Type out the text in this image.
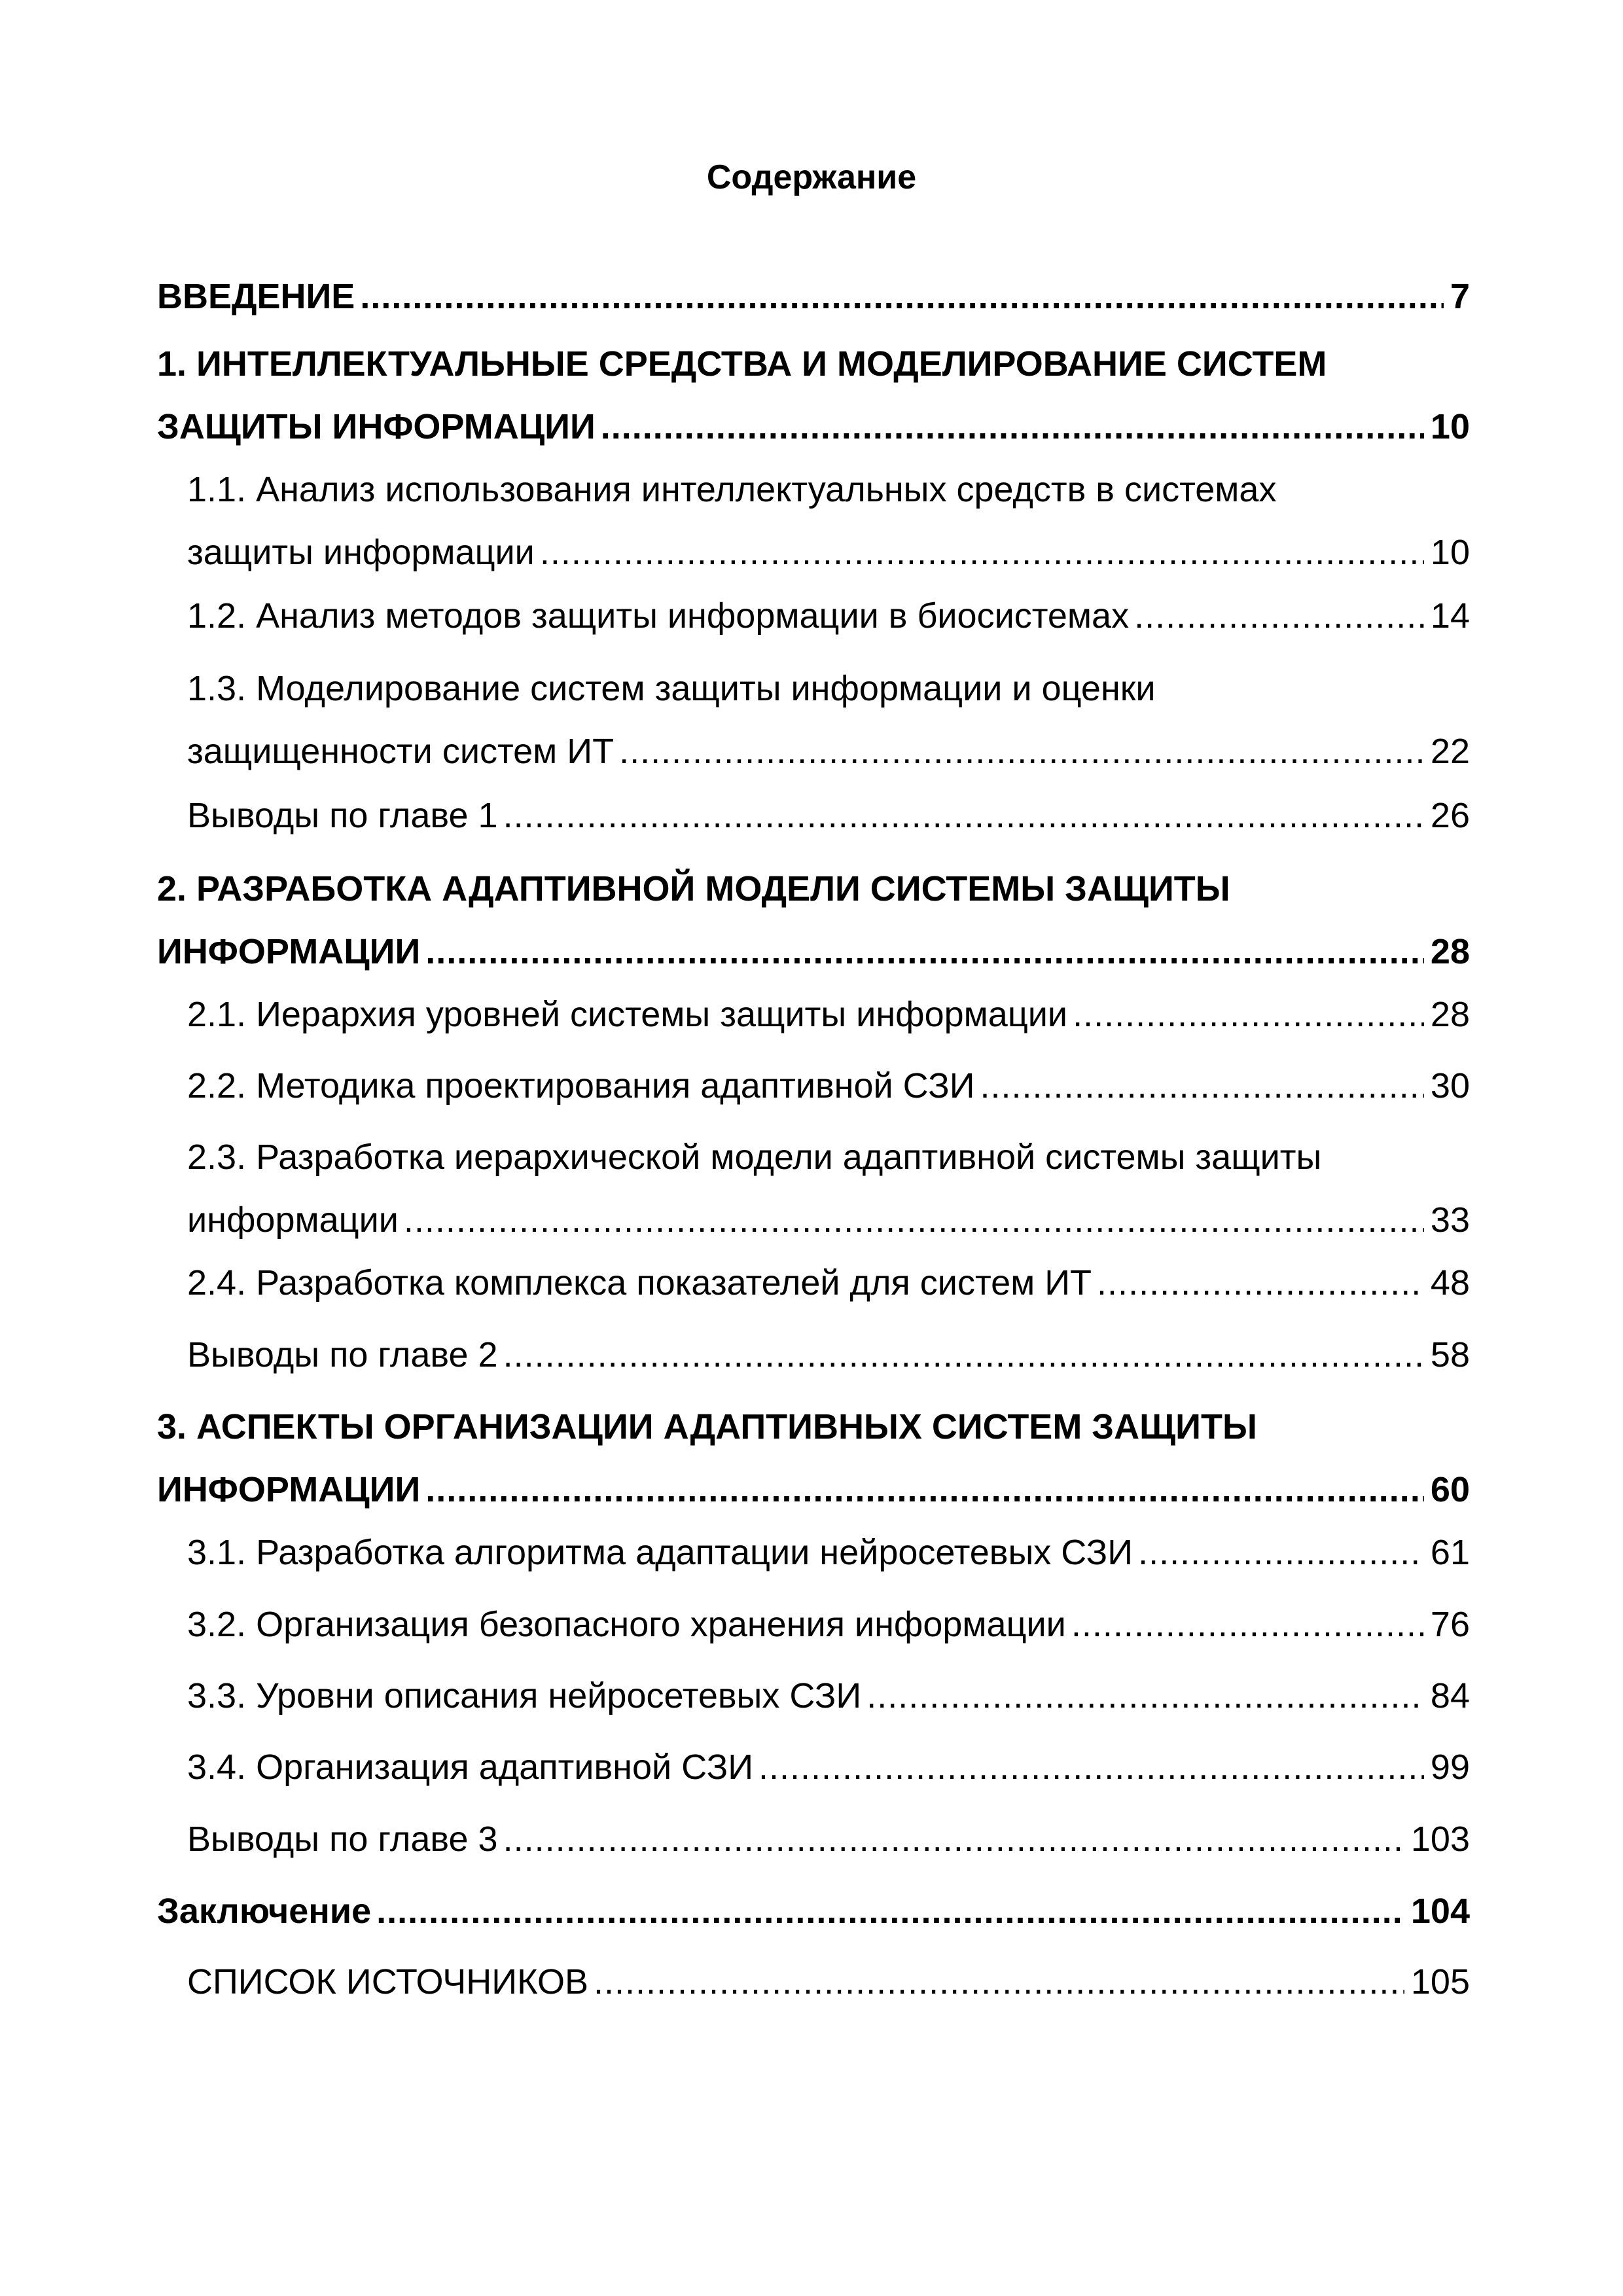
Содержание
ВВЕДЕНИЕ . . .	7
1. ИНТЕЛЛЕКТУАЛЬНЫЕ СРЕДСТВА И МОДЕЛИРОВАНИЕ СИСТЕМ
ЗАЩИТЫ ИНФОРМАЦИИ . . .	10
1.1. Анализ использования интеллектуальных средств в системах
защиты информации . . .	10
1.2. Анализ методов защиты информации в биосистемах . . .	14
1.3. Моделирование систем защиты информации и оценки
защищенности систем ИТ . . .	22
Выводы по главе 1 . . .	26
2. РАЗРАБОТКА АДАПТИВНОЙ МОДЕЛИ СИСТЕМЫ ЗАЩИТЫ
ИНФОРМАЦИИ . . .	28
2.1. Иерархия уровней системы защиты информации . . .	28
2.2. Методика проектирования адаптивной СЗИ . . .	30
2.3. Разработка иерархической модели адаптивной системы защиты
информации . . .	33
2.4. Разработка комплекса показателей для систем ИТ . . .	48
Выводы по главе 2 . . .	58
3. АСПЕКТЫ ОРГАНИЗАЦИИ АДАПТИВНЫХ СИСТЕМ ЗАЩИТЫ
ИНФОРМАЦИИ . . .	60
3.1. Разработка алгоритма адаптации нейросетевых СЗИ . . .	61
3.2. Организация безопасного хранения информации . . .	76
3.3. Уровни описания нейросетевых СЗИ . . .	84
3.4. Организация адаптивной СЗИ . . .	99
Выводы по главе 3 . . .	103
Заключение . . .	104
СПИСОК ИСТОЧНИКОВ . . .	105
